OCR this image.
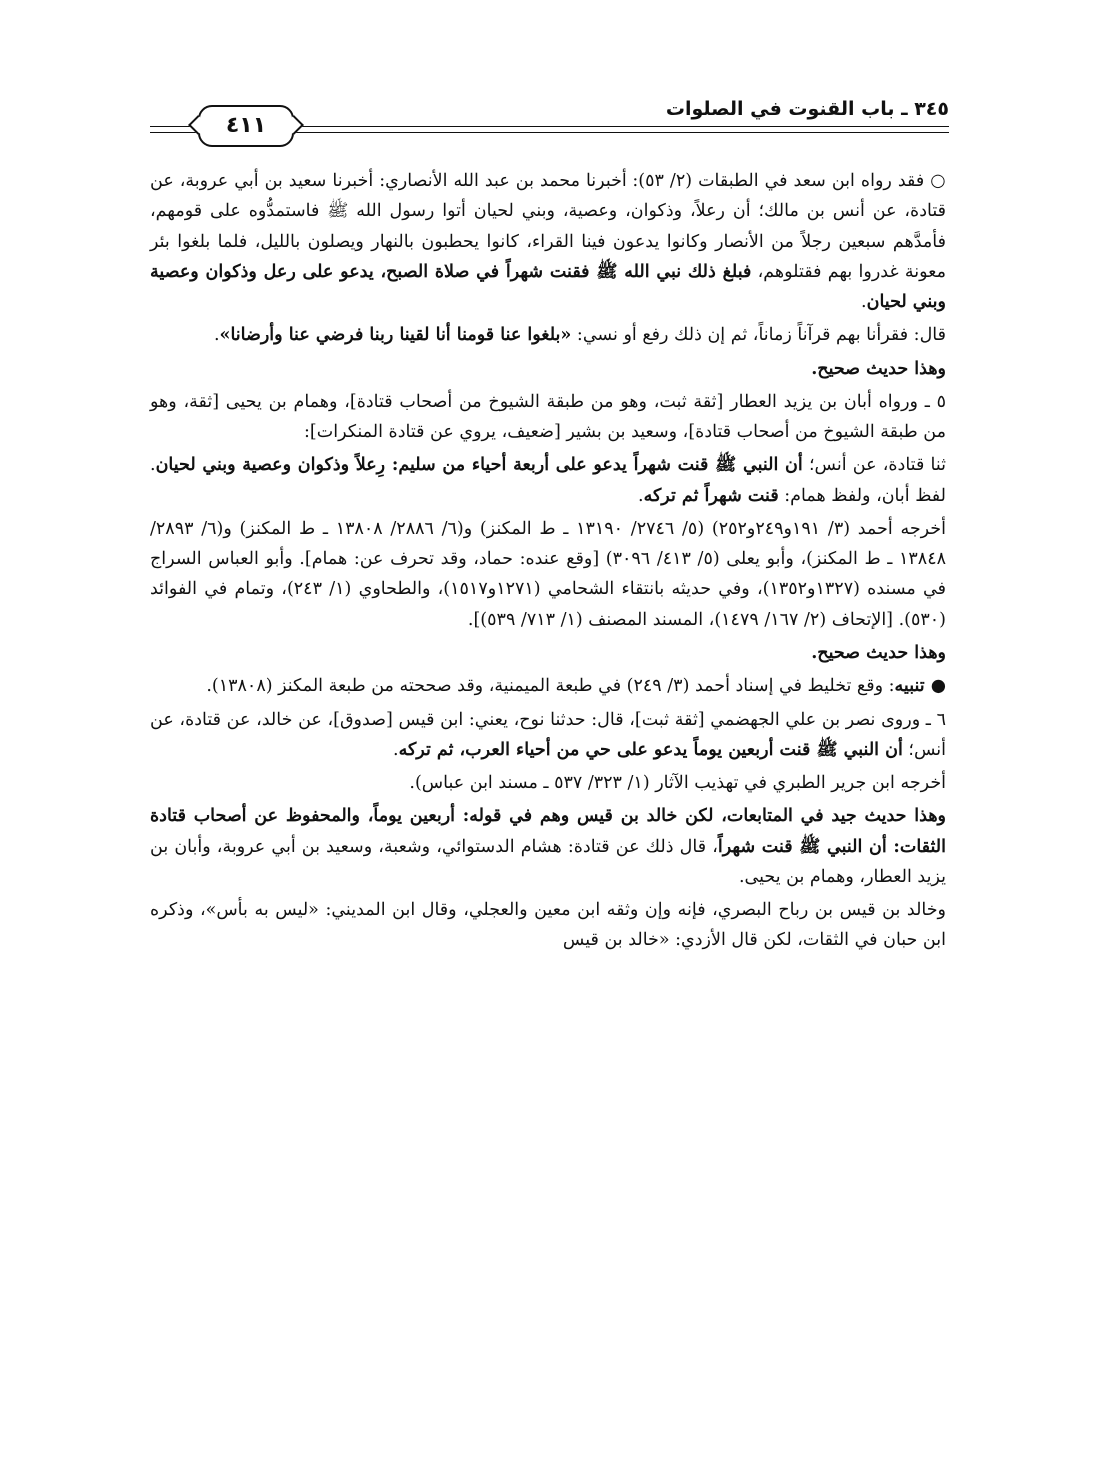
٣٤٥ ـ باب القنوت في الصلوات
٤١١

○ فقد رواه ابن سعد في الطبقات (٢/ ٥٣): أخبرنا محمد بن عبد الله الأنصاري: أخبرنا سعيد بن أبي عروبة، عن قتادة، عن أنس بن مالك؛ أن رعلاً، وذكوان، وعصية، وبني لحيان أتوا رسول الله ﷺ فاستمدُّوه على قومهم، فأمدَّهم سبعين رجلاً من الأنصار وكانوا يدعون فينا القراء، كانوا يحطبون بالنهار ويصلون بالليل، فلما بلغوا بئر معونة غدروا بهم فقتلوهم، فبلغ ذلك نبي الله ﷺ فقنت شهراً في صلاة الصبح، يدعو على رعل وذكوان وعصية وبني لحيان.

قال: فقرأنا بهم قرآناً زماناً، ثم إن ذلك رفع أو نسي: «بلغوا عنا قومنا أنا لقينا ربنا فرضي عنا وأرضانا».

وهذا حديث صحيح.

٥ ـ ورواه أبان بن يزيد العطار [ثقة ثبت، وهو من طبقة الشيوخ من أصحاب قتادة]، وهمام بن يحيى [ثقة، وهو من طبقة الشيوخ من أصحاب قتادة]، وسعيد بن بشير [ضعيف، يروي عن قتادة المنكرات]:

ثنا قتادة، عن أنس؛ أن النبي ﷺ قنت شهراً يدعو على أربعة أحياء من سليم: رِعلاً وذكوان وعصية وبني لحيان. لفظ أبان، ولفظ همام: قنت شهراً ثم تركه.

أخرجه أحمد (٣/ ١٩١و٢٤٩و٢٥٢) (٥/ ٢٧٤٦/ ١٣١٩٠ ـ ط المكنز) و(٦/ ٢٨٨٦/ ١٣٨٠٨ ـ ط المكنز) و(٦/ ٢٨٩٣/ ١٣٨٤٨ ـ ط المكنز)، وأبو يعلى (٥/ ٤١٣/ ٣٠٩٦) [وقع عنده: حماد، وقد تحرف عن: همام]. وأبو العباس السراج في مسنده (١٣٢٧و١٣٥٢)، وفي حديثه بانتقاء الشحامي (١٢٧١و١٥١٧)، والطحاوي (١/ ٢٤٣)، وتمام في الفوائد (٥٣٠). [الإتحاف (٢/ ١٦٧/ ١٤٧٩)، المسند المصنف (١/ ٧١٣/ ٥٣٩)].

وهذا حديث صحيح.

● تنبيه: وقع تخليط في إسناد أحمد (٣/ ٢٤٩) في طبعة الميمنية، وقد صححته من طبعة المكنز (١٣٨٠٨).

٦ ـ وروى نصر بن علي الجهضمي [ثقة ثبت]، قال: حدثنا نوح، يعني: ابن قيس [صدوق]، عن خالد، عن قتادة، عن أنس؛ أن النبي ﷺ قنت أربعين يوماً يدعو على حي من أحياء العرب، ثم تركه.

أخرجه ابن جرير الطبري في تهذيب الآثار (١/ ٣٢٣/ ٥٣٧ ـ مسند ابن عباس).

وهذا حديث جيد في المتابعات، لكن خالد بن قيس وهم في قوله: أربعين يوماً، والمحفوظ عن أصحاب قتادة الثقات: أن النبي ﷺ قنت شهراً، قال ذلك عن قتادة: هشام الدستوائي، وشعبة، وسعيد بن أبي عروبة، وأبان بن يزيد العطار، وهمام بن يحيى.

وخالد بن قيس بن رباح البصري، فإنه وإن وثقه ابن معين والعجلي، وقال ابن المديني: «ليس به بأس»، وذكره ابن حبان في الثقات، لكن قال الأزدي: «خالد بن قيس
